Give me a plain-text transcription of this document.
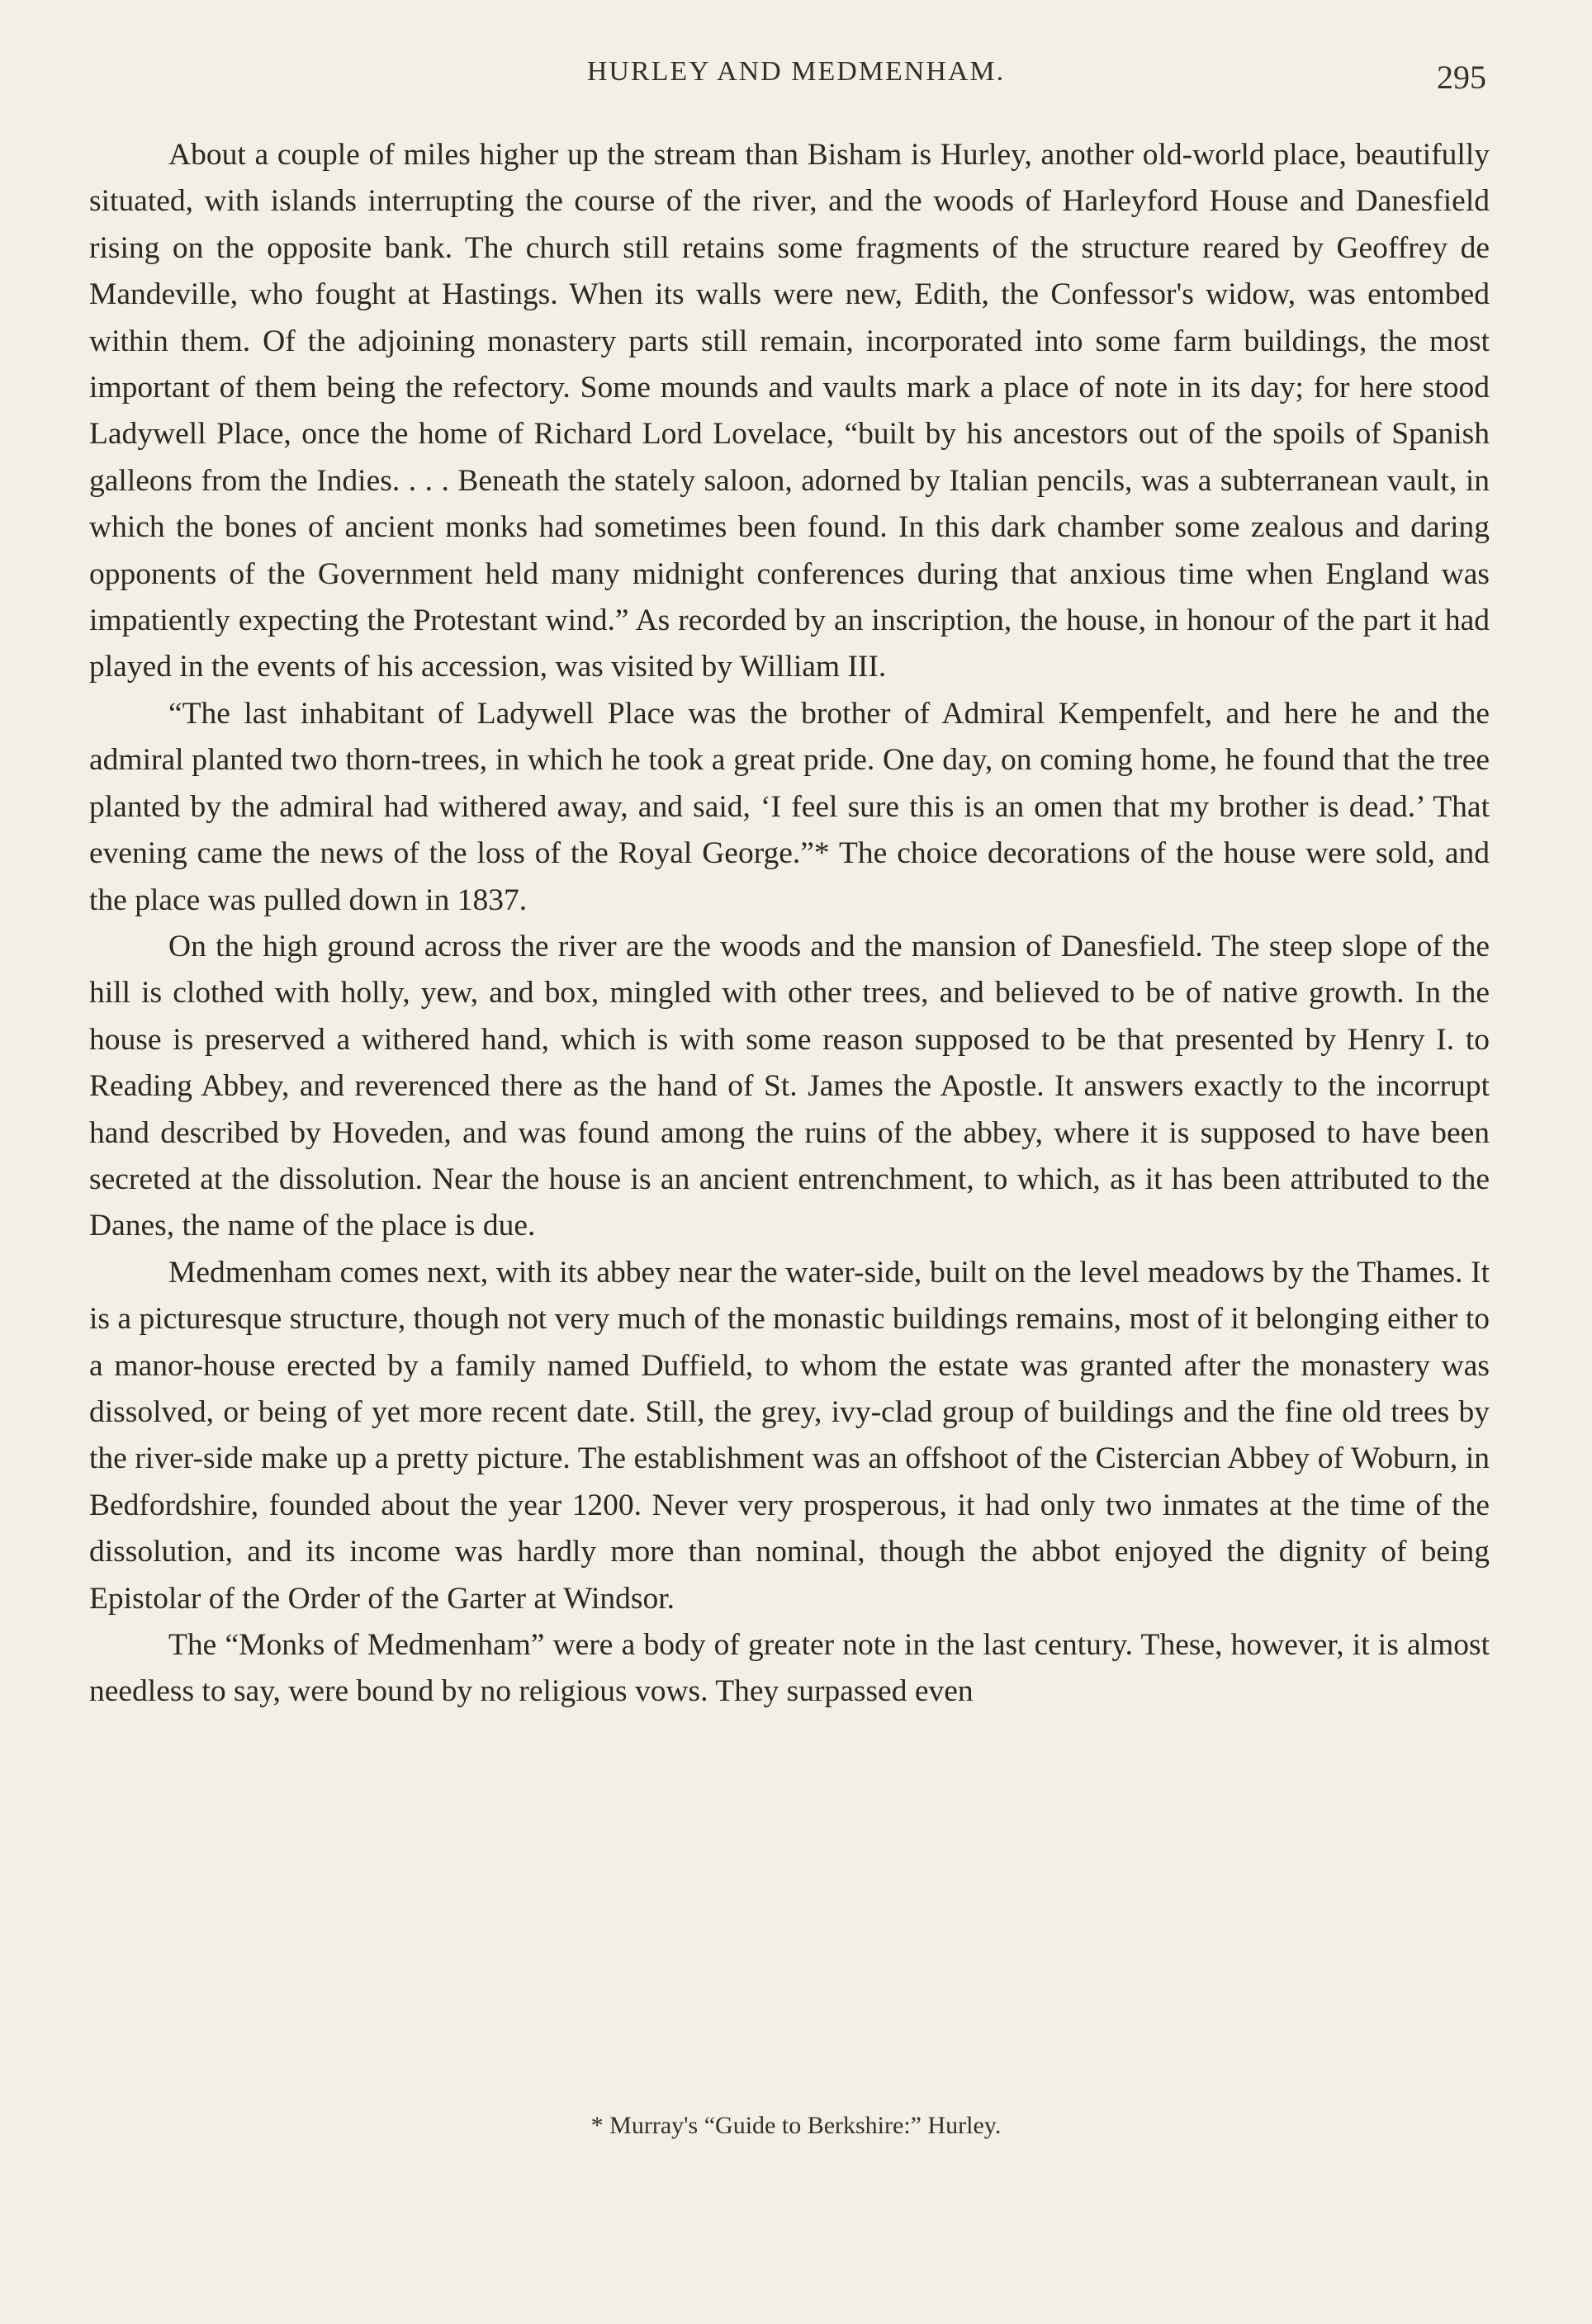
HURLEY AND MEDMENHAM.	295

About a couple of miles higher up the stream than Bisham is Hurley, another old-world place, beautifully situated, with islands interrupting the course of the river, and the woods of Harleyford House and Danesfield rising on the opposite bank. The church still retains some fragments of the structure reared by Geoffrey de Mandeville, who fought at Hastings. When its walls were new, Edith, the Confessor's widow, was entombed within them. Of the adjoining monastery parts still remain, incorporated into some farm buildings, the most important of them being the refectory. Some mounds and vaults mark a place of note in its day; for here stood Ladywell Place, once the home of Richard Lord Lovelace, “built by his ancestors out of the spoils of Spanish galleons from the Indies. . . . Beneath the stately saloon, adorned by Italian pencils, was a subterranean vault, in which the bones of ancient monks had sometimes been found. In this dark chamber some zealous and daring opponents of the Government held many midnight conferences during that anxious time when England was impatiently expecting the Protestant wind.” As recorded by an inscription, the house, in honour of the part it had played in the events of his accession, was visited by William III.

“The last inhabitant of Ladywell Place was the brother of Admiral Kempenfelt, and here he and the admiral planted two thorn-trees, in which he took a great pride. One day, on coming home, he found that the tree planted by the admiral had withered away, and said, ‘I feel sure this is an omen that my brother is dead.’ That evening came the news of the loss of the Royal George.”* The choice decorations of the house were sold, and the place was pulled down in 1837.

On the high ground across the river are the woods and the mansion of Danesfield. The steep slope of the hill is clothed with holly, yew, and box, mingled with other trees, and believed to be of native growth. In the house is preserved a withered hand, which is with some reason supposed to be that presented by Henry I. to Reading Abbey, and reverenced there as the hand of St. James the Apostle. It answers exactly to the incorrupt hand described by Hoveden, and was found among the ruins of the abbey, where it is supposed to have been secreted at the dissolution. Near the house is an ancient entrenchment, to which, as it has been attributed to the Danes, the name of the place is due.

Medmenham comes next, with its abbey near the water-side, built on the level meadows by the Thames. It is a picturesque structure, though not very much of the monastic buildings remains, most of it belonging either to a manor-house erected by a family named Duffield, to whom the estate was granted after the monastery was dissolved, or being of yet more recent date. Still, the grey, ivy-clad group of buildings and the fine old trees by the river-side make up a pretty picture. The establishment was an offshoot of the Cistercian Abbey of Woburn, in Bedfordshire, founded about the year 1200. Never very prosperous, it had only two inmates at the time of the dissolution, and its income was hardly more than nominal, though the abbot enjoyed the dignity of being Epistolar of the Order of the Garter at Windsor.

The “Monks of Medmenham” were a body of greater note in the last century. These, however, it is almost needless to say, were bound by no religious vows. They surpassed even

* Murray's “Guide to Berkshire:” Hurley.
